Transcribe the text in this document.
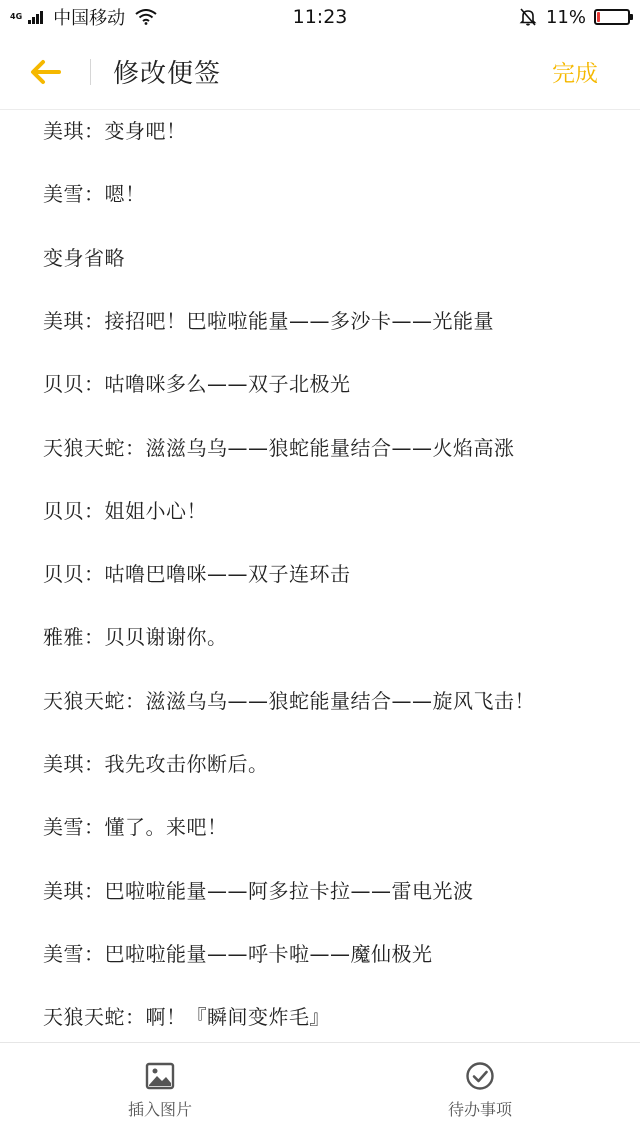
4G 中国移动	11:23	11%
修改便签	完成
美琪：变身吧！
美雪：嗯！
变身省略
美琪：接招吧！巴啦啦能量——多沙卡——光能量
贝贝：咕噜咪多么——双子北极光
天狼天蛇：滋滋乌乌——狼蛇能量结合——火焰高涨
贝贝：姐姐小心！
贝贝：咕噜巴噜咪——双子连环击
雅雅：贝贝谢谢你。
天狼天蛇：滋滋乌乌——狼蛇能量结合——旋风飞击！
美琪：我先攻击你断后。
美雪：懂了。来吧！
美琪：巴啦啦能量——阿多拉卡拉——雷电光波
美雪：巴啦啦能量——呼卡啦——魔仙极光
天狼天蛇：啊！『瞬间变炸毛』
插入图片	待办事项
